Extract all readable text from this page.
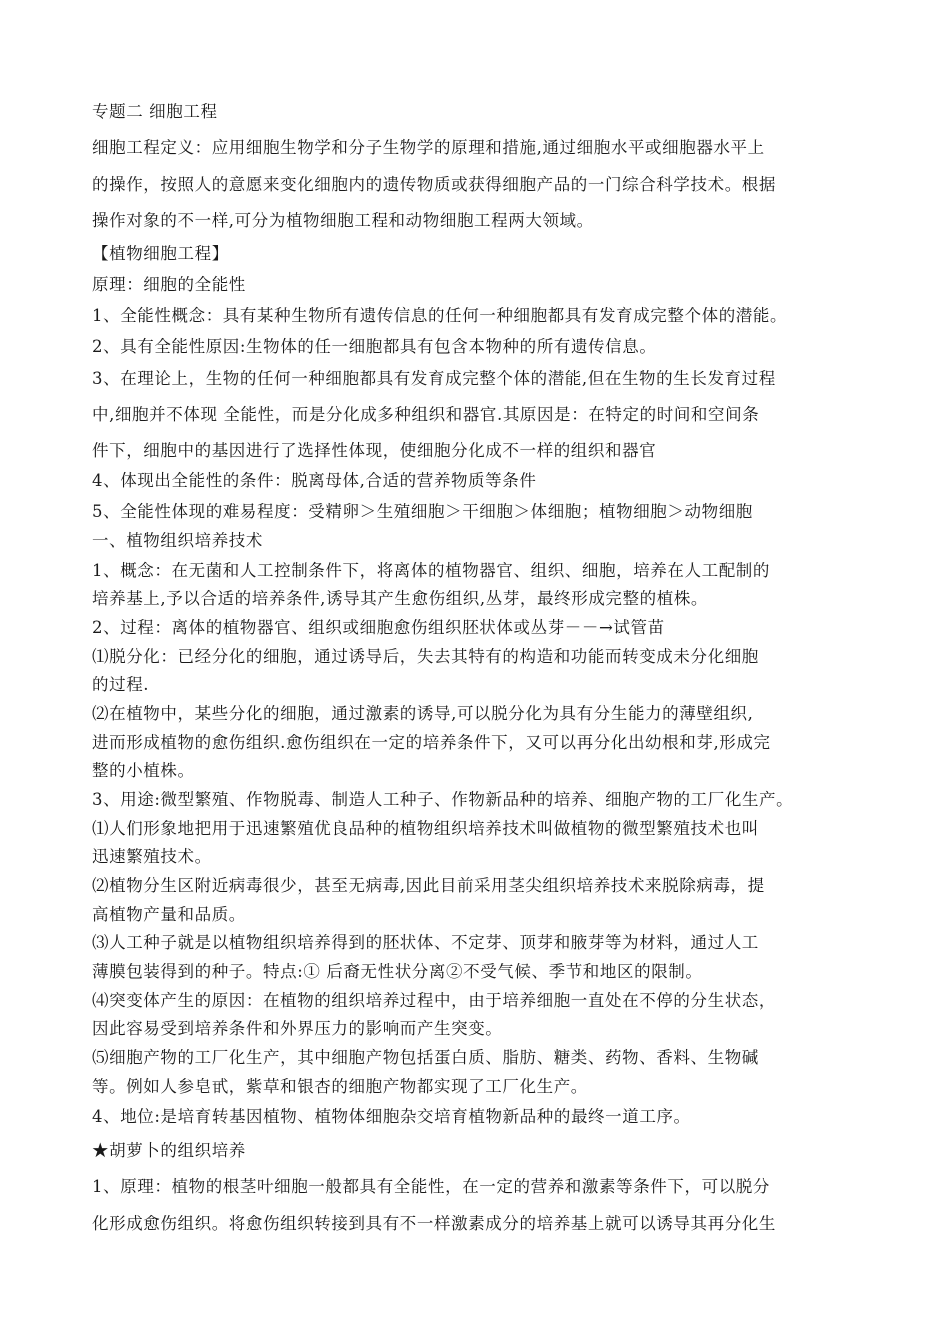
专题二 细胞工程
细胞工程定义：应用细胞生物学和分子生物学的原理和措施,通过细胞水平或细胞器水平上
的操作，按照人的意愿来变化细胞内的遗传物质或获得细胞产品的一门综合科学技术。根据
操作对象的不一样,可分为植物细胞工程和动物细胞工程两大领域。
【植物细胞工程】
原理：细胞的全能性
1、全能性概念：具有某种生物所有遗传信息的任何一种细胞都具有发育成完整个体的潜能。
2、具有全能性原因:生物体的任一细胞都具有包含本物种的所有遗传信息。
3、在理论上，生物的任何一种细胞都具有发育成完整个体的潜能,但在生物的生长发育过程
中,细胞并不体现 全能性，而是分化成多种组织和器官.其原因是：在特定的时间和空间条
件下，细胞中的基因进行了选择性体现，使细胞分化成不一样的组织和器官
4、体现出全能性的条件：脱离母体,合适的营养物质等条件
5、全能性体现的难易程度：受精卵＞生殖细胞＞干细胞＞体细胞；植物细胞＞动物细胞
一、植物组织培养技术
1、概念：在无菌和人工控制条件下，将离体的植物器官、组织、细胞，培养在人工配制的
培养基上,予以合适的培养条件,诱导其产生愈伤组织,丛芽，最终形成完整的植株。
2、过程：离体的植物器官、组织或细胞愈伤组织胚状体或丛芽－－→试管苗
⑴脱分化：已经分化的细胞，通过诱导后，失去其特有的构造和功能而转变成未分化细胞
的过程.
⑵在植物中，某些分化的细胞，通过激素的诱导,可以脱分化为具有分生能力的薄壁组织,
进而形成植物的愈伤组织.愈伤组织在一定的培养条件下，又可以再分化出幼根和芽,形成完
整的小植株。
3、用途:微型繁殖、作物脱毒、制造人工种子、作物新品种的培养、细胞产物的工厂化生产。
⑴人们形象地把用于迅速繁殖优良品种的植物组织培养技术叫做植物的微型繁殖技术也叫
迅速繁殖技术。
⑵植物分生区附近病毒很少，甚至无病毒,因此目前采用茎尖组织培养技术来脱除病毒，提
高植物产量和品质。
⑶人工种子就是以植物组织培养得到的胚状体、不定芽、顶芽和腋芽等为材料，通过人工
薄膜包装得到的种子。特点:① 后裔无性状分离②不受气候、季节和地区的限制。
⑷突变体产生的原因：在植物的组织培养过程中，由于培养细胞一直处在不停的分生状态，
因此容易受到培养条件和外界压力的影响而产生突变。
⑸细胞产物的工厂化生产，其中细胞产物包括蛋白质、脂肪、糖类、药物、香料、生物碱
等。例如人参皂甙，紫草和银杏的细胞产物都实现了工厂化生产。
4、地位:是培育转基因植物、植物体细胞杂交培育植物新品种的最终一道工序。
★胡萝卜的组织培养
1、原理：植物的根茎叶细胞一般都具有全能性，在一定的营养和激素等条件下，可以脱分
化形成愈伤组织。将愈伤组织转接到具有不一样激素成分的培养基上就可以诱导其再分化生
